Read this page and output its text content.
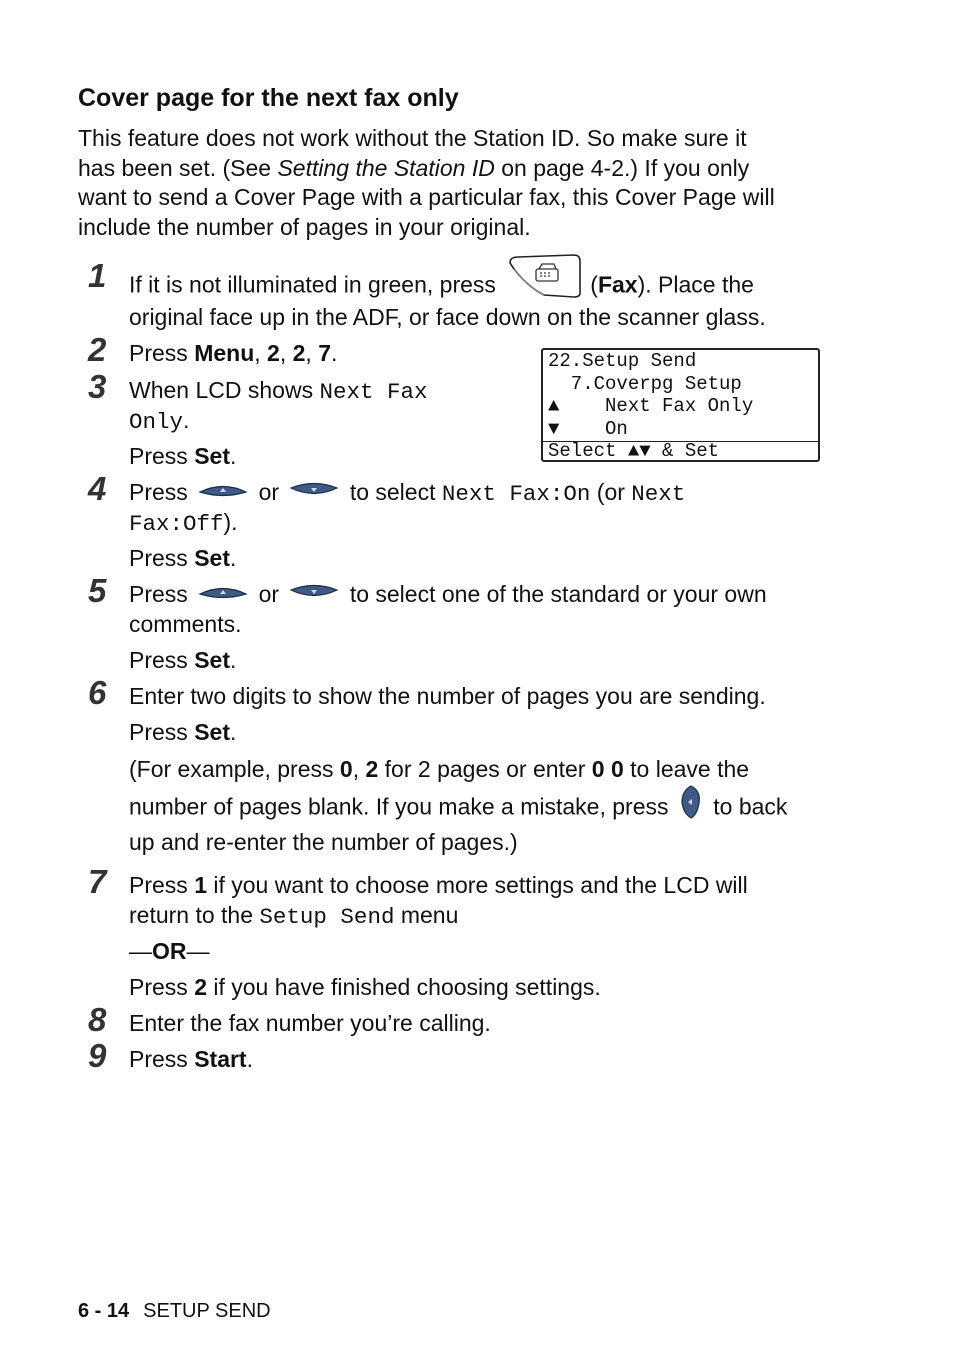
Cover page for the next fax only
This feature does not work without the Station ID. So make sure it
has been set. (See Setting the Station ID on page 4-2.) If you only
want to send a Cover Page with a particular fax, this Cover Page will
include the number of pages in your original.
1 If it is not illuminated in green, press	(Fax). Place the
original face up in the ADF, or face down on the scanner glass.
2 Press Menu, 2, 2, 7.
3 When LCD shows Next Fax
Only.
Press Set.
22.Setup Send
7.Coverpg Setup
▲    Next Fax Only
▼    On
Select ▲▼ & Set
4 Press	or	to select Next Fax:On (or Next
Fax:Off).
Press Set.
5 Press	or	to select one of the standard or your own
comments.
Press Set.
6 Enter two digits to show the number of pages you are sending.
Press Set.
(For example, press 0, 2 for 2 pages or enter 0 0 to leave the
number of pages blank. If you make a mistake, press to back
up and re-enter the number of pages.)
7 Press 1 if you want to choose more settings and the LCD will
return to the Setup Send menu
—OR—
Press 2 if you have finished choosing settings.
8 Enter the fax number you’re calling.
9 Press Start.
6 - 14 SETUP SEND
